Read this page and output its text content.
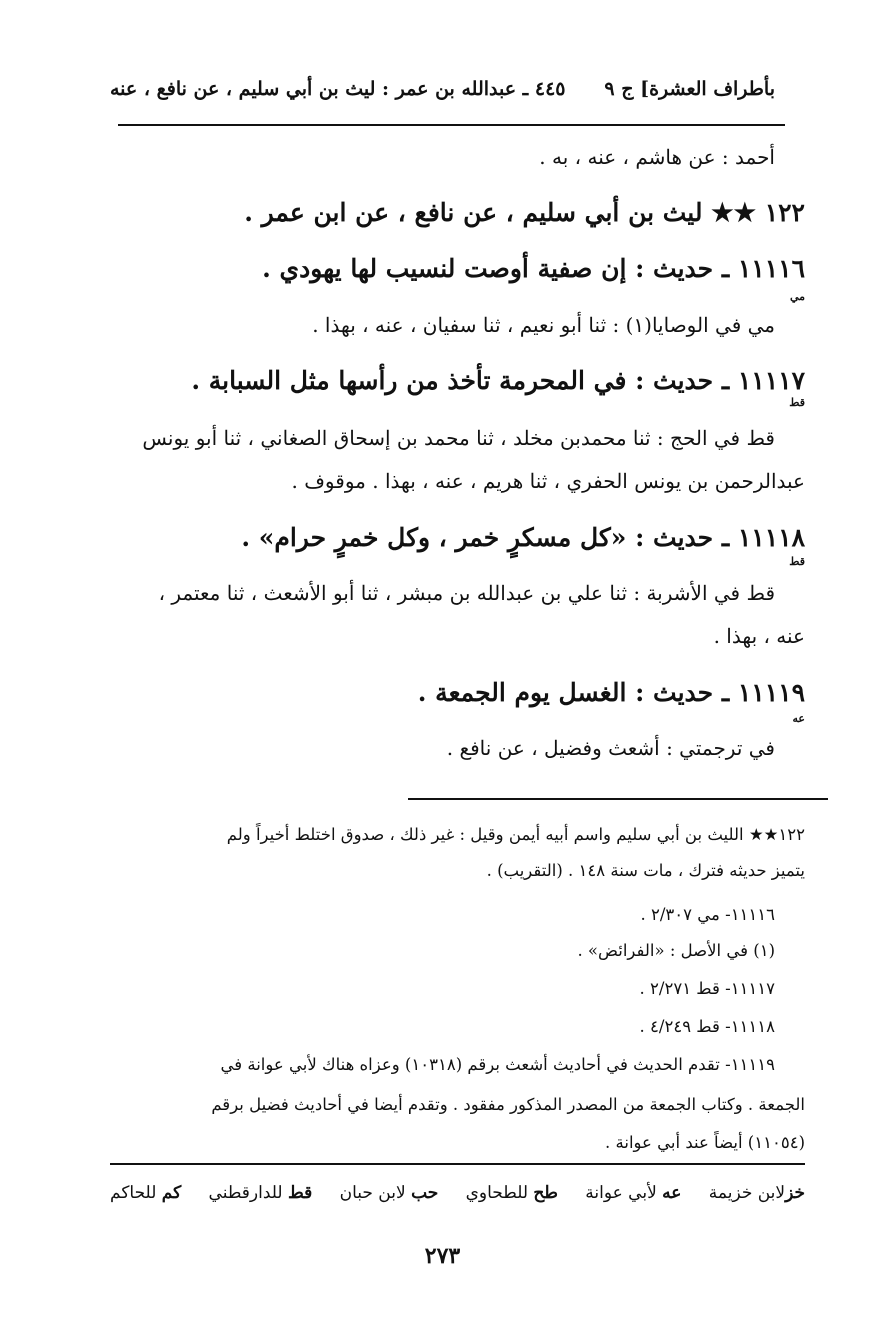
بأطراف العشرة] ج ٩
٤٤٥ ـ عبدالله بن عمر : ليث بن أبي سليم ، عن نافع ، عنه
أحمد : عن هاشم ، عنه ، به .
١٢٢ ★★ ليث بن أبي سليم ، عن نافع ، عن ابن عمر .
١١١١٦ ـ حديث : إن صفية أوصت لنسيب لها يهودي .
مي
مي في الوصايا(١) : ثنا أبو نعيم ، ثنا سفيان ، عنه ، بهذا .
١١١١٧ ـ حديث : في المحرمة تأخذ من رأسها مثل السبابة .
قط
قط في الحج : ثنا محمدبن مخلد ، ثنا محمد بن إسحاق الصغاني ، ثنا أبو يونس
عبدالرحمن بن يونس الحفري ، ثنا هريم ، عنه ، بهذا . موقوف .
١١١١٨ ـ حديث : «كل مسكرٍ خمر ، وكل خمرٍ حرام» .
قط
قط في الأشربة : ثنا علي بن عبدالله بن مبشر ، ثنا أبو الأشعث ، ثنا معتمر ،
عنه ، بهذا .
١١١١٩ ـ حديث : الغسل يوم الجمعة .
عه
في ترجمتي : أشعث وفضيل ، عن نافع .
١٢٢★★ الليث بن أبي سليم واسم أبيه أيمن وقيل : غير ذلك ، صدوق اختلط أخيراً ولم
يتميز حديثه فترك ، مات سنة ١٤٨ . (التقريب) .
١١١١٦- مي ٢/٣٠٧ .
(١) في الأصل : «الفرائض» .
١١١١٧- قط ٢/٢٧١ .
١١١١٨- قط ٤/٢٤٩ .
١١١١٩- تقدم الحديث في أحاديث أشعث برقم (١٠٣١٨) وعزاه هناك لأبي عوانة في
الجمعة . وكتاب الجمعة من المصدر المذكور مفقود . وتقدم أيضا في أحاديث فضيل برقم
(١١٠٥٤) أيضاً عند أبي عوانة .
خزلابن خزيمة
عه لأبي عوانة
طح للطحاوي
حب لابن حبان
قط للدارقطني
كم للحاكم
٢٧٣
